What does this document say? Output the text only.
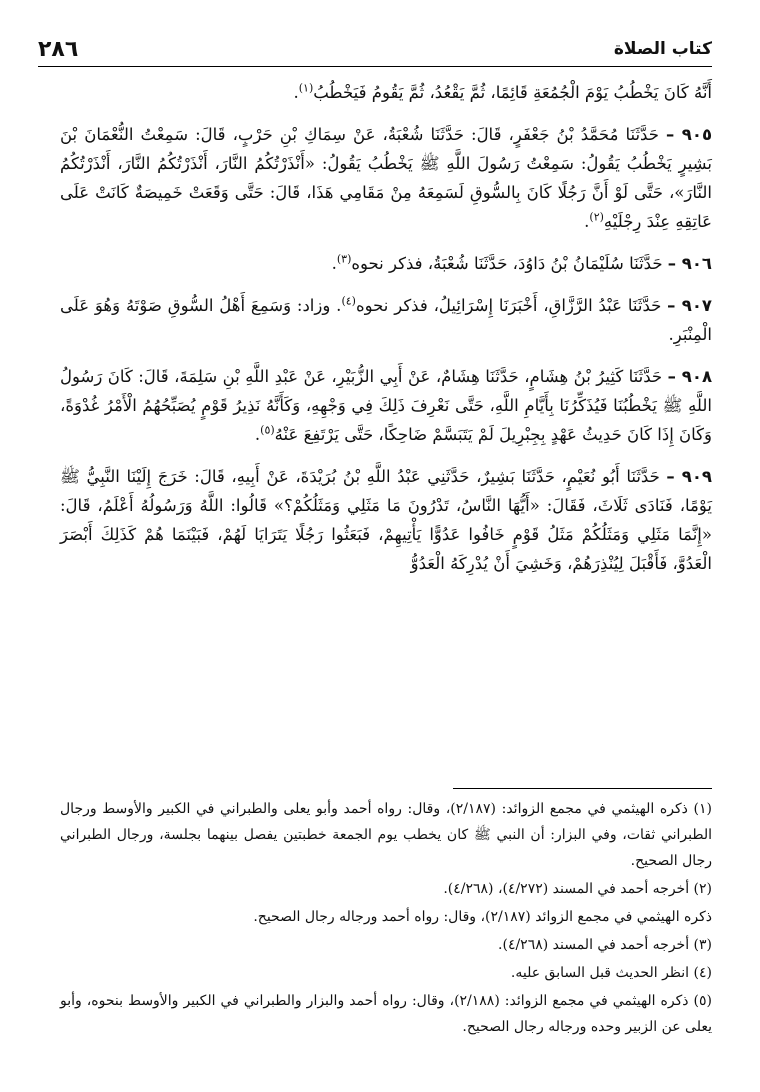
كتاب الصلاة
٢٨٦

أَنَّهُ كَانَ يَخْطُبُ يَوْمَ الْجُمُعَةِ قَائِمًا، ثُمَّ يَقْعُدُ، ثُمَّ يَقُومُ فَيَخْطُبُ$^{(١)}$.

٩٠٥ – حَدَّثَنَا مُحَمَّدُ بْنُ جَعْفَرٍ، قَالَ: حَدَّثَنَا شُعْبَةُ، عَنْ سِمَاكِ بْنِ حَرْبٍ، قَالَ: سَمِعْتُ النُّعْمَانَ بْنَ بَشِيرٍ يَخْطُبُ يَقُولُ: سَمِعْتُ رَسُولَ اللَّهِ ﷺ يَخْطُبُ يَقُولُ: «أَنْذَرْتُكُمُ النَّارَ، أَنْذَرْتُكُمُ النَّارَ، أَنْذَرْتُكُمُ النَّارَ»، حَتَّى لَوْ أَنَّ رَجُلًا كَانَ بِالسُّوقِ لَسَمِعَهُ مِنْ مَقَامِي هَذَا، قَالَ: حَتَّى وَقَعَتْ خَمِيصَةٌ كَانَتْ عَلَى عَاتِقِهِ عِنْدَ رِجْلَيْهِ$^{(٢)}$.

٩٠٦ – حَدَّثَنَا سُلَيْمَانُ بْنُ دَاوُدَ، حَدَّثَنَا شُعْبَةُ، فذكر نحوه$^{(٣)}$.

٩٠٧ – حَدَّثَنَا عَبْدُ الرَّزَّاقِ، أَخْبَرَنَا إِسْرَائِيلُ، فذكر نحوه$^{(٤)}$. وزاد: وَسَمِعَ أَهْلُ السُّوقِ صَوْتَهُ وَهُوَ عَلَى الْمِنْبَرِ.

٩٠٨ – حَدَّثَنَا كَثِيرُ بْنُ هِشَامٍ، حَدَّثَنَا هِشَامٌ، عَنْ أَبِي الزُّبَيْرِ، عَنْ عَبْدِ اللَّهِ بْنِ سَلِمَةَ، قَالَ: كَانَ رَسُولُ اللَّهِ ﷺ يَخْطُبُنَا فَيُذَكِّرُنَا بِأَيَّامِ اللَّهِ، حَتَّى نَعْرِفَ ذَلِكَ فِي وَجْهِهِ، وَكَأَنَّهُ نَذِيرُ قَوْمٍ يُصَبِّحُهُمُ الْأَمْرُ غُدْوَةً، وَكَانَ إِذَا كَانَ حَدِيثُ عَهْدٍ بِجِبْرِيلَ لَمْ يَتَبَسَّمْ ضَاحِكًا، حَتَّى يَرْتَفِعَ عَنْهُ$^{(٥)}$.

٩٠٩ – حَدَّثَنَا أَبُو نُعَيْمٍ، حَدَّثَنَا بَشِيرٌ، حَدَّثَنِي عَبْدُ اللَّهِ بْنُ بُرَيْدَةَ، عَنْ أَبِيهِ، قَالَ: خَرَجَ إِلَيْنَا النَّبِيُّ ﷺ يَوْمًا، فَنَادَى ثَلَاثَ، فَقَالَ: «أَيُّهَا النَّاسُ، تَدْرُونَ مَا مَثَلِي وَمَثَلُكُمْ؟» قَالُوا: اللَّهُ وَرَسُولُهُ أَعْلَمُ، قَالَ: «إِنَّمَا مَثَلِي وَمَثَلُكُمْ مَثَلُ قَوْمٍ خَافُوا عَدُوًّا يَأْتِيهِمْ، فَبَعَثُوا رَجُلًا يَتَرَايَا لَهُمْ، فَبَيْنَمَا هُمْ كَذَلِكَ أَبْصَرَ الْعَدُوَّ، فَأَقْبَلَ لِيُنْذِرَهُمْ، وَخَشِيَ أَنْ يُدْرِكَهُ الْعَدُوُّ

(١) ذكره الهيثمي في مجمع الزوائد: (٢/١٨٧)، وقال: رواه أحمد وأبو يعلى والطبراني في الكبير والأوسط ورجال الطبراني ثقات، وفي البزار: أن النبي ﷺ كان يخطب يوم الجمعة خطبتين يفصل بينهما بجلسة، ورجال الطبراني رجال الصحيح.

(٢) أخرجه أحمد في المسند (٤/٢٧٢)، (٤/٢٦٨).

ذكره الهيثمي في مجمع الزوائد (٢/١٨٧)، وقال: رواه أحمد ورجاله رجال الصحيح.

(٣) أخرجه أحمد في المسند (٤/٢٦٨).

(٤) انظر الحديث قبل السابق عليه.

(٥) ذكره الهيثمي في مجمع الزوائد: (٢/١٨٨)، وقال: رواه أحمد والبزار والطبراني في الكبير والأوسط بنحوه، وأبو يعلى عن الزبير وحده ورجاله رجال الصحيح.
